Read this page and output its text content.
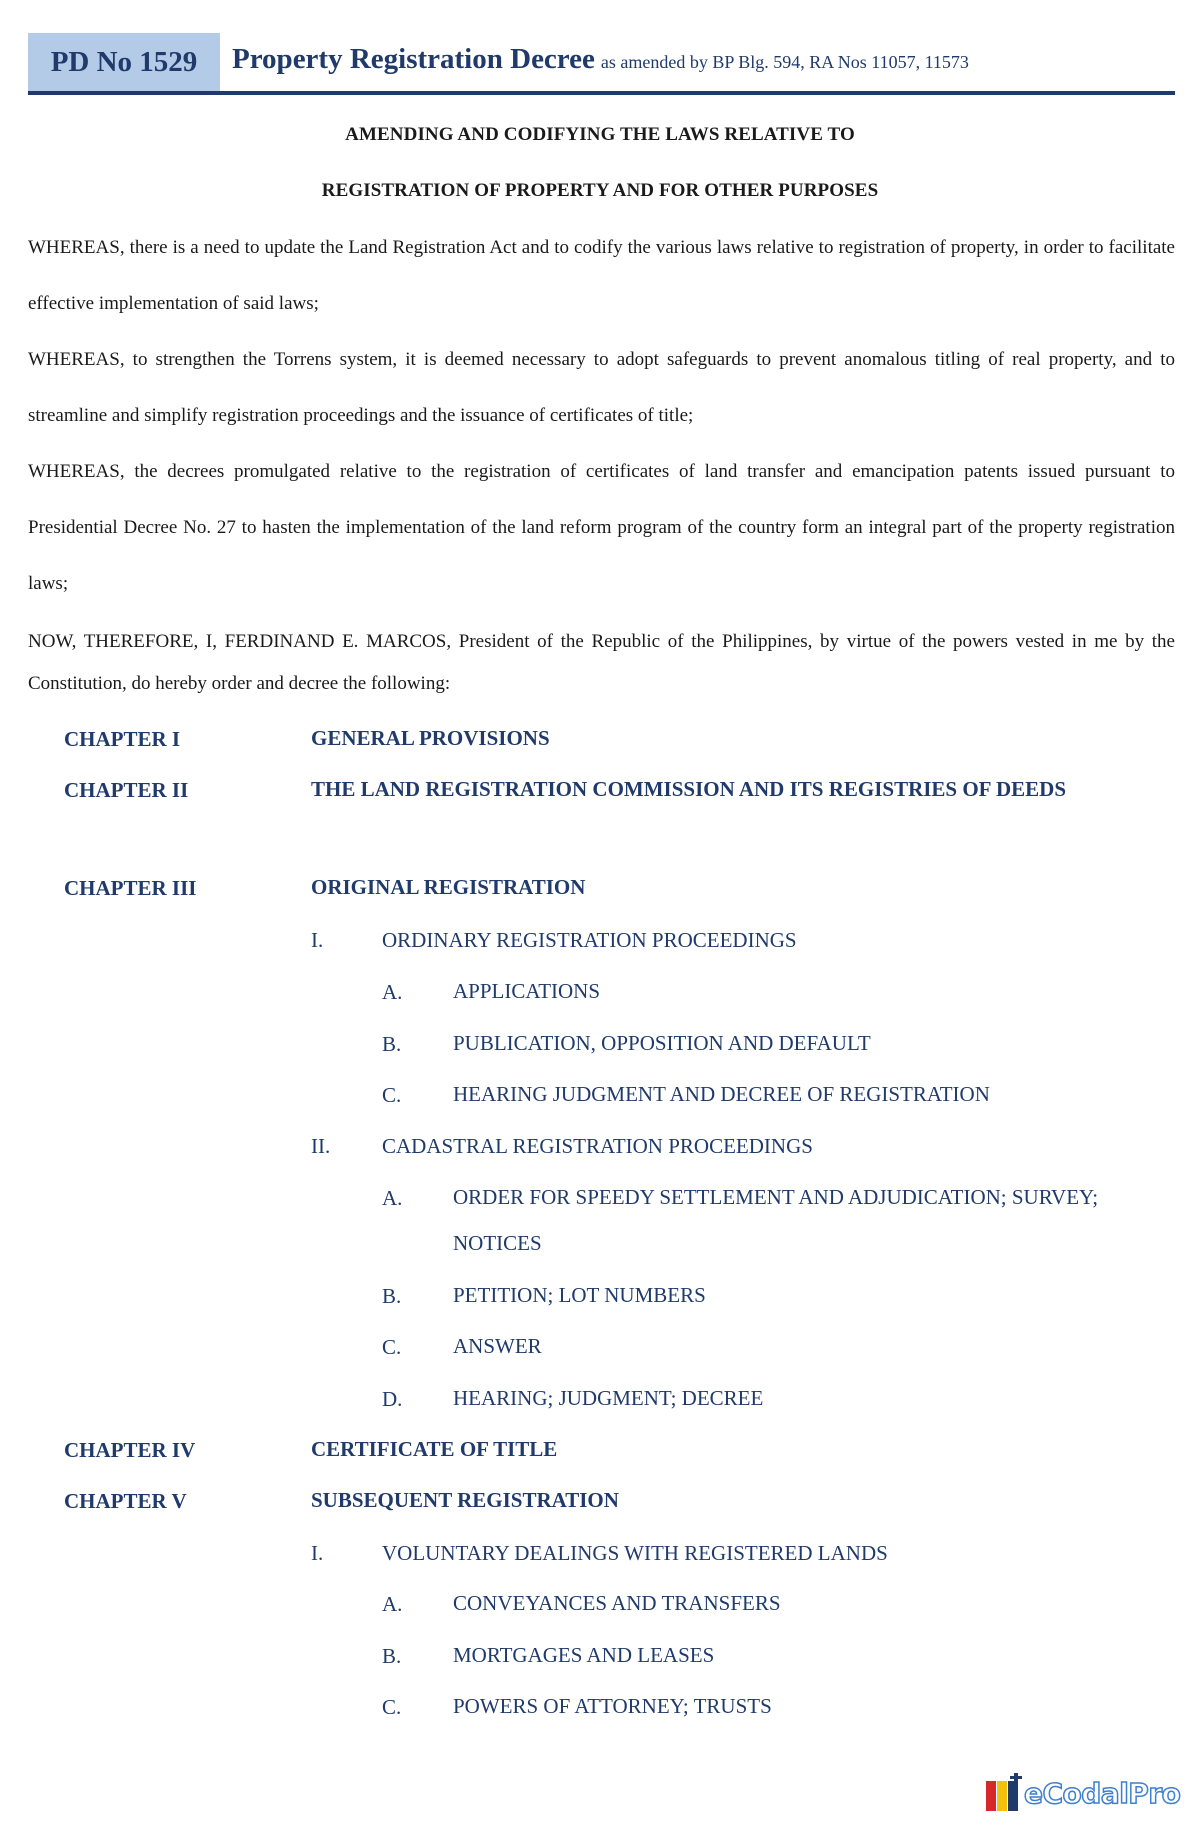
PD No 1529	Property Registration Decree as amended by BP Blg. 594, RA Nos 11057, 11573
AMENDING AND CODIFYING THE LAWS RELATIVE TO
REGISTRATION OF PROPERTY AND FOR OTHER PURPOSES
WHEREAS, there is a need to update the Land Registration Act and to codify the various laws relative to registration of property, in order to facilitate effective implementation of said laws;
WHEREAS, to strengthen the Torrens system, it is deemed necessary to adopt safeguards to prevent anomalous titling of real property, and to streamline and simplify registration proceedings and the issuance of certificates of title;
WHEREAS, the decrees promulgated relative to the registration of certificates of land transfer and emancipation patents issued pursuant to Presidential Decree No. 27 to hasten the implementation of the land reform program of the country form an integral part of the property registration laws;
NOW, THEREFORE, I, FERDINAND E. MARCOS, President of the Republic of the Philippines, by virtue of the powers vested in me by the Constitution, do hereby order and decree the following:
CHAPTER I	GENERAL PROVISIONS
CHAPTER II	THE LAND REGISTRATION COMMISSION AND ITS REGISTRIES OF DEEDS
CHAPTER III	ORIGINAL REGISTRATION
I.	ORDINARY REGISTRATION PROCEEDINGS
A. APPLICATIONS
B. PUBLICATION, OPPOSITION AND DEFAULT
C. HEARING JUDGMENT AND DECREE OF REGISTRATION
II. CADASTRAL REGISTRATION PROCEEDINGS
A. ORDER FOR SPEEDY SETTLEMENT AND ADJUDICATION; SURVEY; NOTICES
B. PETITION; LOT NUMBERS
C. ANSWER
D. HEARING; JUDGMENT; DECREE
CHAPTER IV	CERTIFICATE OF TITLE
CHAPTER V	SUBSEQUENT REGISTRATION
I.	VOLUNTARY DEALINGS WITH REGISTERED LANDS
A. CONVEYANCES AND TRANSFERS
B. MORTGAGES AND LEASES
C. POWERS OF ATTORNEY; TRUSTS
eCodalPro
